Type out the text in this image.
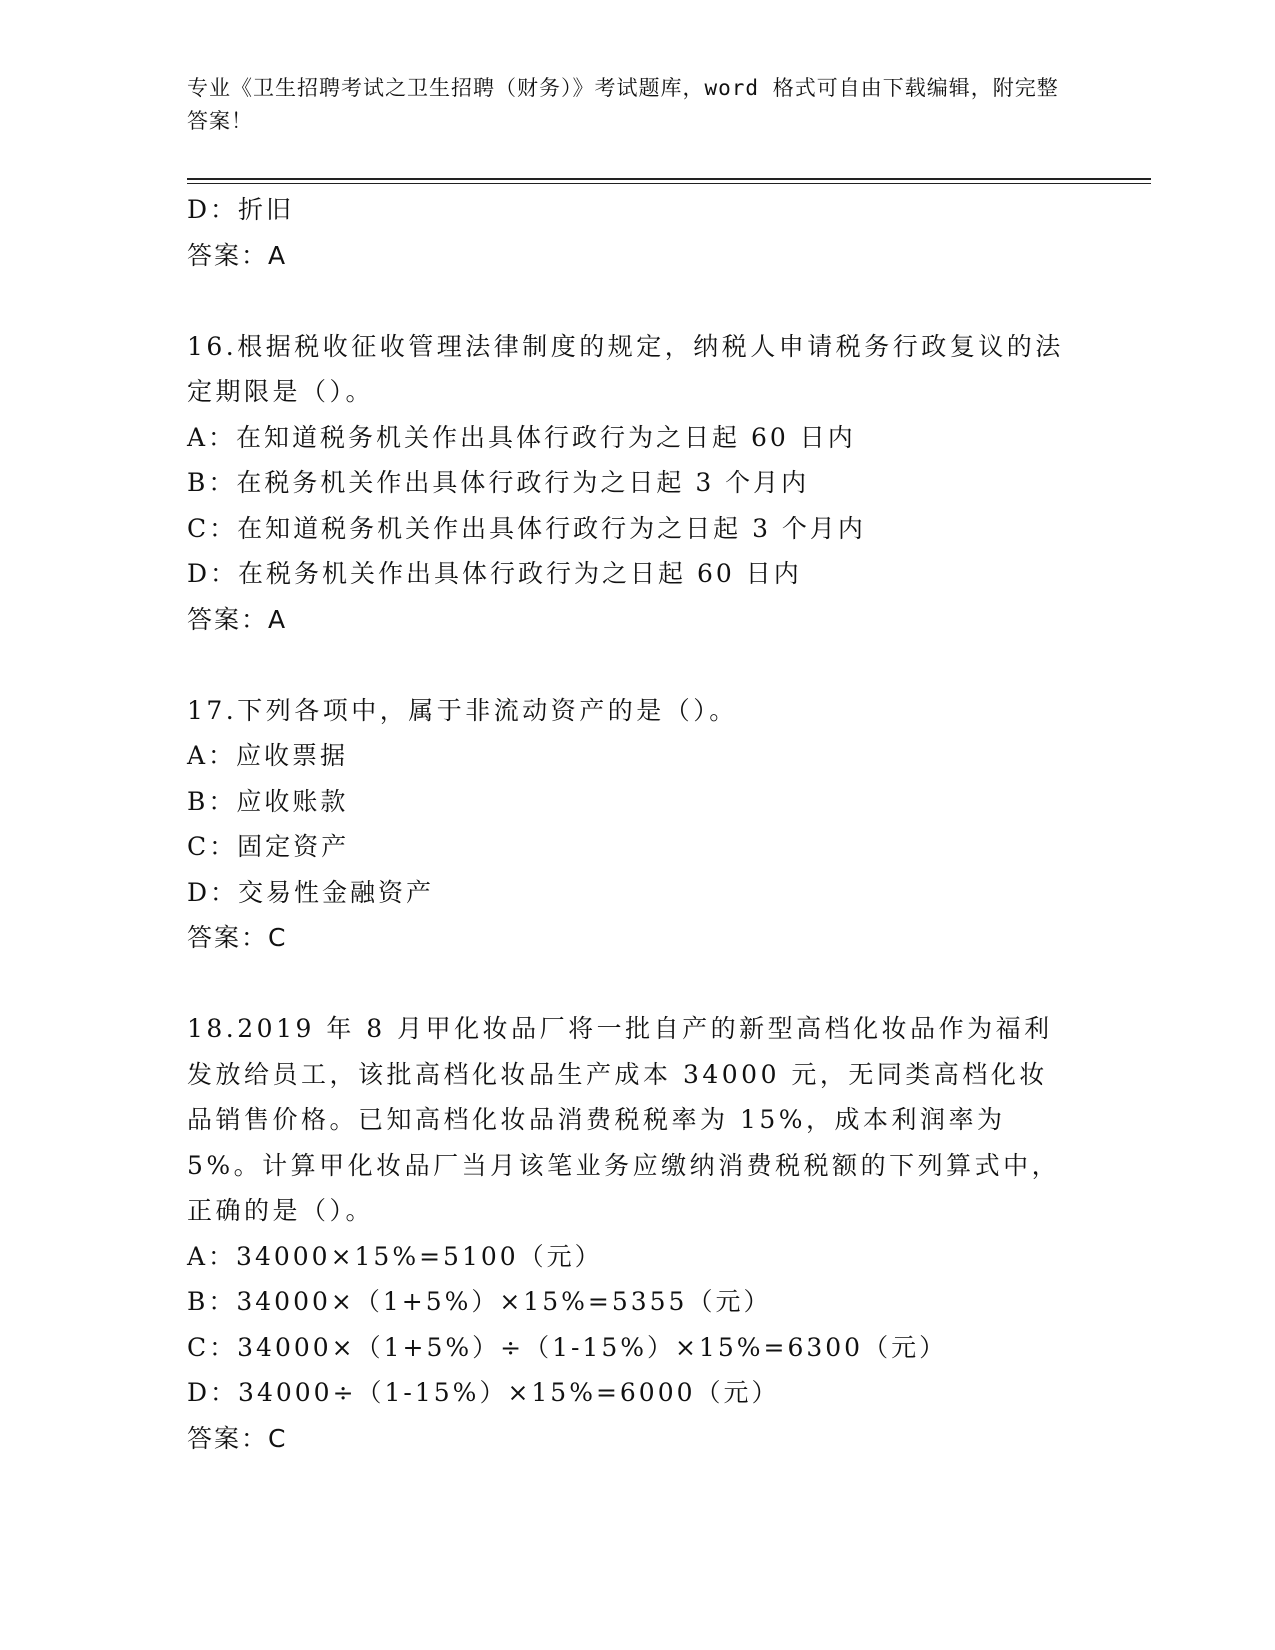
专业《卫生招聘考试之卫生招聘（财务）》考试题库，word 格式可自由下载编辑，附完整答案！
D：折旧
答案：A
16.根据税收征收管理法律制度的规定，纳税人申请税务行政复议的法定期限是（）。
A：在知道税务机关作出具体行政行为之日起 60 日内
B：在税务机关作出具体行政行为之日起 3 个月内
C：在知道税务机关作出具体行政行为之日起 3 个月内
D：在税务机关作出具体行政行为之日起 60 日内
答案：A
17.下列各项中，属于非流动资产的是（）。
A：应收票据
B：应收账款
C：固定资产
D：交易性金融资产
答案：C
18.2019 年 8 月甲化妆品厂将一批自产的新型高档化妆品作为福利发放给员工，该批高档化妆品生产成本 34000 元，无同类高档化妆品销售价格。已知高档化妆品消费税税率为 15%，成本利润率为 5%。计算甲化妆品厂当月该笔业务应缴纳消费税税额的下列算式中，正确的是（）。
A：34000×15%=5100（元）
B：34000×（1+5%）×15%=5355（元）
C：34000×（1+5%）÷（1-15%）×15%=6300（元）
D：34000÷（1-15%）×15%=6000（元）
答案：C
